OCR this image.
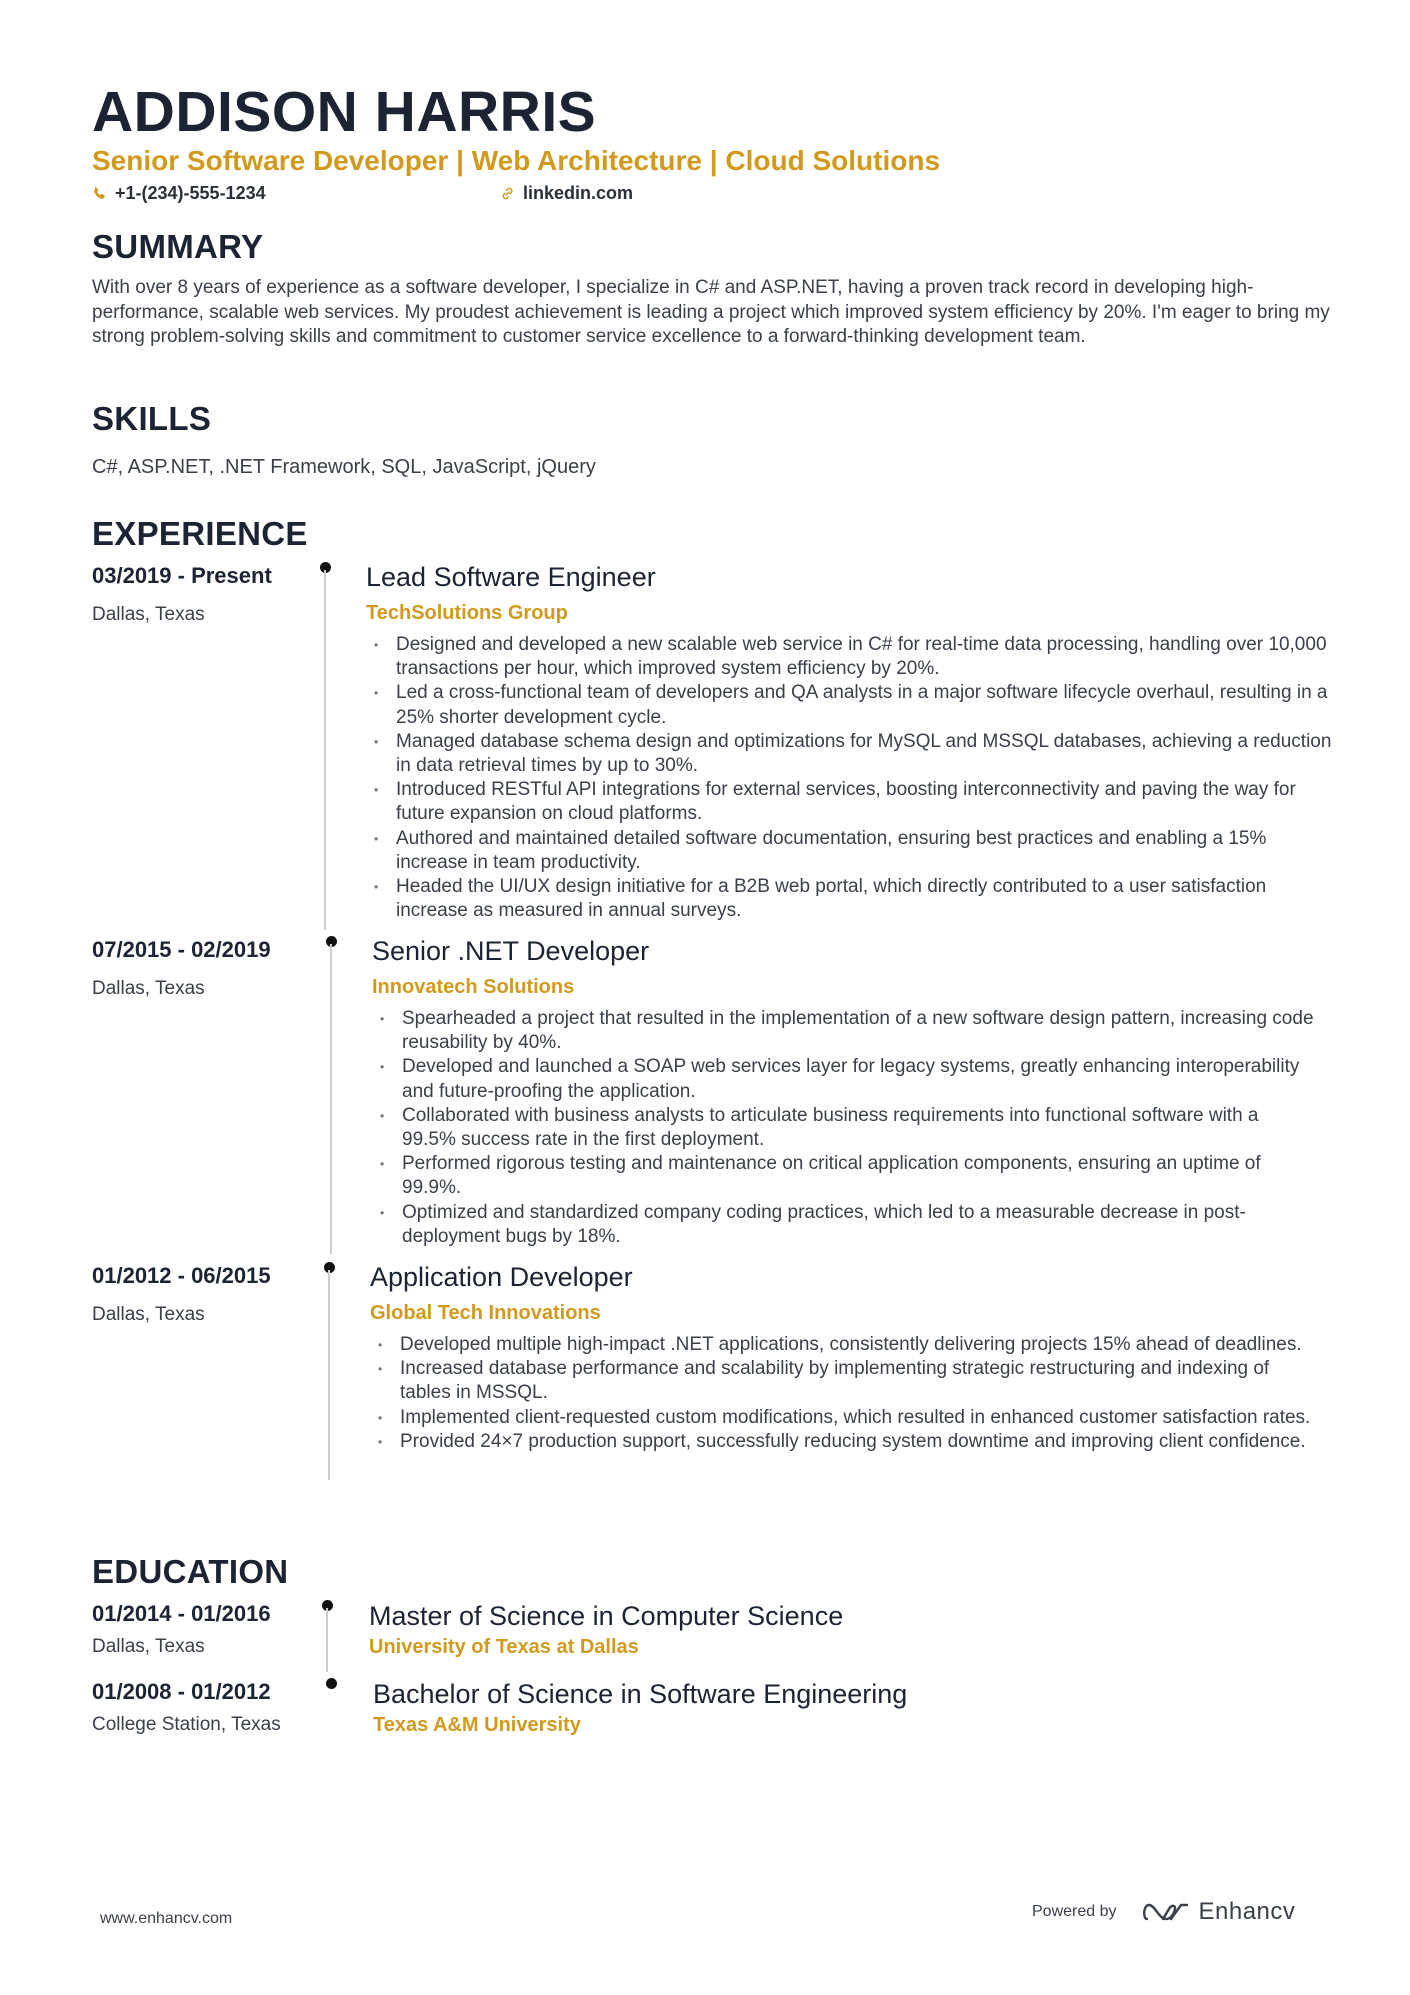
ADDISON HARRIS
Senior Software Developer | Web Architecture | Cloud Solutions
+1-(234)-555-1234	linkedin.com
SUMMARY
With over 8 years of experience as a software developer, I specialize in C# and ASP.NET, having a proven track record in developing high-performance, scalable web services. My proudest achievement is leading a project which improved system efficiency by 20%. I'm eager to bring my strong problem-solving skills and commitment to customer service excellence to a forward-thinking development team.
SKILLS
C#, ASP.NET, .NET Framework, SQL, JavaScript, jQuery
EXPERIENCE
03/2019 - Present
Dallas, Texas
Lead Software Engineer
TechSolutions Group
• Designed and developed a new scalable web service in C# for real-time data processing, handling over 10,000 transactions per hour, which improved system efficiency by 20%.
• Led a cross-functional team of developers and QA analysts in a major software lifecycle overhaul, resulting in a 25% shorter development cycle.
• Managed database schema design and optimizations for MySQL and MSSQL databases, achieving a reduction in data retrieval times by up to 30%.
• Introduced RESTful API integrations for external services, boosting interconnectivity and paving the way for future expansion on cloud platforms.
• Authored and maintained detailed software documentation, ensuring best practices and enabling a 15% increase in team productivity.
• Headed the UI/UX design initiative for a B2B web portal, which directly contributed to a user satisfaction increase as measured in annual surveys.
07/2015 - 02/2019
Dallas, Texas
Senior .NET Developer
Innovatech Solutions
• Spearheaded a project that resulted in the implementation of a new software design pattern, increasing code reusability by 40%.
• Developed and launched a SOAP web services layer for legacy systems, greatly enhancing interoperability and future-proofing the application.
• Collaborated with business analysts to articulate business requirements into functional software with a 99.5% success rate in the first deployment.
• Performed rigorous testing and maintenance on critical application components, ensuring an uptime of 99.9%.
• Optimized and standardized company coding practices, which led to a measurable decrease in post-deployment bugs by 18%.
01/2012 - 06/2015
Dallas, Texas
Application Developer
Global Tech Innovations
• Developed multiple high-impact .NET applications, consistently delivering projects 15% ahead of deadlines.
• Increased database performance and scalability by implementing strategic restructuring and indexing of tables in MSSQL.
• Implemented client-requested custom modifications, which resulted in enhanced customer satisfaction rates.
• Provided 24×7 production support, successfully reducing system downtime and improving client confidence.
EDUCATION
01/2014 - 01/2016
Dallas, Texas
Master of Science in Computer Science
University of Texas at Dallas
01/2008 - 01/2012
College Station, Texas
Bachelor of Science in Software Engineering
Texas A&M University
www.enhancv.com	Powered by	Enhancv
